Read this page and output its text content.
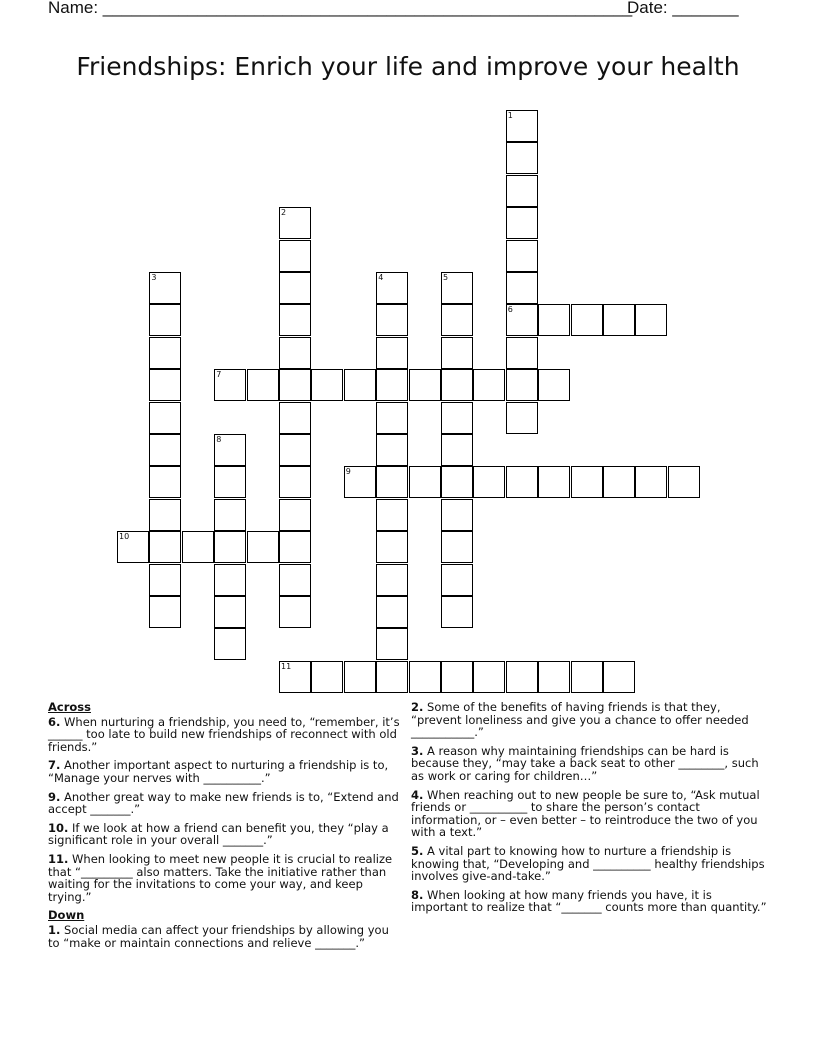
Name: ________________________________________________________
Date: _______
Friendships: Enrich your life and improve your health
1
6
2
3	4	5
7
8
9
10
11
Across
6. When nurturing a friendship, you need to, “remember, it’s ______ too late to build new friendships of reconnect with old friends.”
7. Another important aspect to nurturing a friendship is to, “Manage your nerves with __________.”
9. Another great way to make new friends is to, “Extend and accept _______.”
10. If we look at how a friend can benefit you, they “play a significant role in your overall _______.”
11. When looking to meet new people it is crucial to realize that “_________ also matters. Take the initiative rather than waiting for the invitations to come your way, and keep trying.”
Down
1. Social media can affect your friendships by allowing you to “make or maintain connections and relieve _______.”
2. Some of the benefits of having friends is that they, “prevent loneliness and give you a chance to offer needed ___________.”
3. A reason why maintaining friendships can be hard is because they, “may take a back seat to other ________, such as work or caring for children…”
4. When reaching out to new people be sure to, “Ask mutual friends or __________ to share the person’s contact information, or – even better – to reintroduce the two of you with a text.”
5. A vital part to knowing how to nurture a friendship is knowing that, “Developing and __________ healthy friendships involves give-and-take.”
8. When looking at how many friends you have, it is important to realize that “_______ counts more than quantity.”
